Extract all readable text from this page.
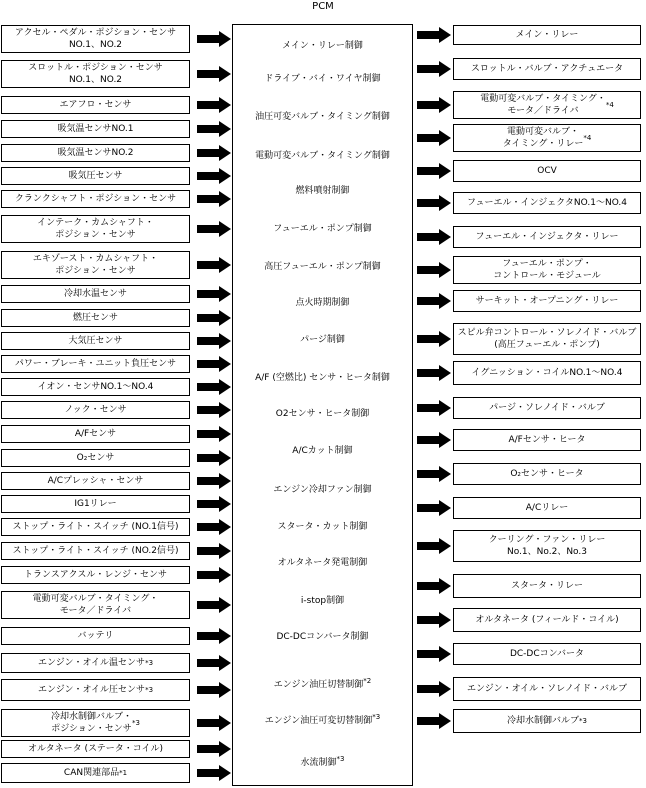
PCM
アクセル・ペダル・ポジション・センサ
NO.1、NO.2
スロットル・ポジション・センサ
NO.1、NO.2
エアフロ・センサ
吸気温センサNO.1
吸気温センサNO.2
吸気圧センサ
クランクシャフト・ポジション・センサ
インテーク・カムシャフト・
ポジション・センサ
エキゾースト・カムシャフト・
ポジション・センサ
冷却水温センサ
燃圧センサ
大気圧センサ
パワー・ブレーキ・ユニット負圧センサ
イオン・センサNO.1～NO.4
ノック・センサ
A/Fセンサ
O₂センサ
A/Cプレッシャ・センサ
IG1リレー
ストップ・ライト・スイッチ (NO.1信号)
ストップ・ライト・スイッチ (NO.2信号)
トランスアクスル・レンジ・センサ
電動可変バルブ・タイミング・
モータ／ドライバ
バッテリ
エンジン・オイル温センサ *3
エンジン・オイル圧センサ *3
冷却水制御バルブ・
ポジション・センサ
*3
オルタネータ (ステータ・コイル)
CAN関連部品 *1
メイン・リレー制御
ドライブ・バイ・ワイヤ制御
油圧可変バルブ・タイミング制御
電動可変バルブ・タイミング制御
燃料噴射制御
フューエル・ポンプ制御
高圧フューエル・ポンプ制御
点火時期制御
パージ制御
A/F (空燃比) センサ・ヒータ制御
O2センサ・ヒータ制御
A/Cカット制御
エンジン冷却ファン制御
スタータ・カット制御
オルタネータ発電制御
i-stop制御
DC-DCコンバータ制御
エンジン油圧切替制御$^{*2}$
エンジン油圧可変切替制御$^{*3}$
水流制御$^{*3}$
メイン・リレー
スロットル・バルブ・アクチュエータ
電動可変バルブ・タイミング・
モータ／ドライバ
*4
電動可変バルブ・
タイミング・リレー
*4
OCV
フューエル・インジェクタNO.1～NO.4
フューエル・インジェクタ・リレー
フューエル・ポンプ・
コントロール・モジュール
サーキット・オープニング・リレー
スピル弁コントロール・ソレノイド・バルブ
(高圧フューエル・ポンプ)
イグニッション・コイルNO.1～NO.4
パージ・ソレノイド・バルブ
A/Fセンサ・ヒータ
O₂センサ・ヒータ
A/Cリレー
クーリング・ファン・リレー
No.1、No.2、No.3
スタータ・リレー
オルタネータ (フィールド・コイル)
DC-DCコンバータ
エンジン・オイル・ソレノイド・バルブ
冷却水制御バルブ *3
